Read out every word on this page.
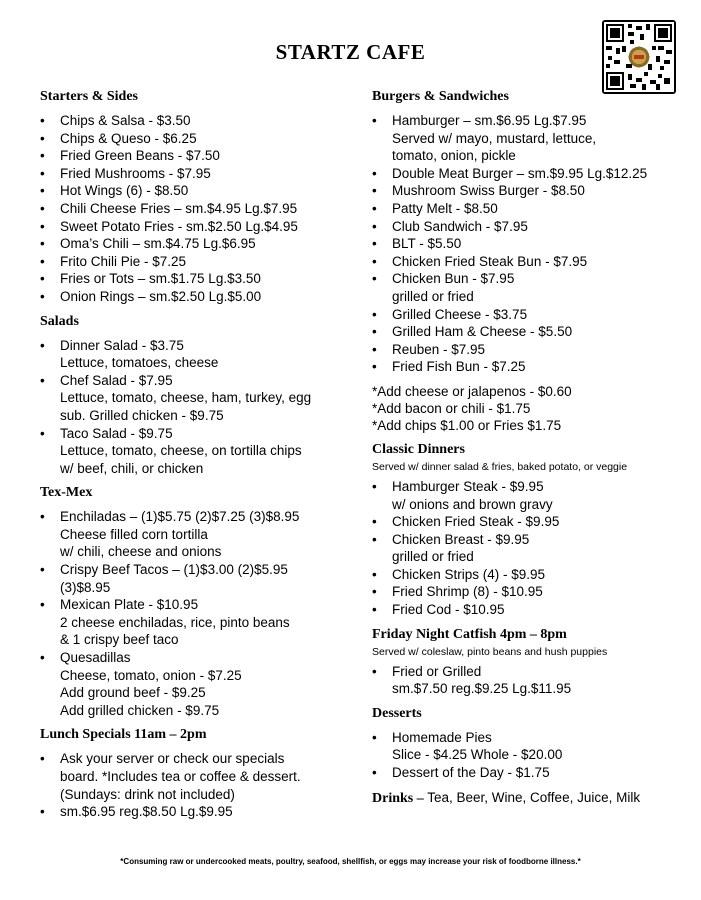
STARTZ CAFE
Starters & Sides
• Chips & Salsa - $3.50
• Chips & Queso - $6.25
• Fried Green Beans - $7.50
• Fried Mushrooms - $7.95
• Hot Wings (6) - $8.50
• Chili Cheese Fries – sm.$4.95 Lg.$7.95
• Sweet Potato Fries - sm.$2.50 Lg.$4.95
• Oma’s Chili – sm.$4.75 Lg.$6.95
• Frito Chili Pie - $7.25
• Fries or Tots – sm.$1.75 Lg.$3.50
• Onion Rings – sm.$2.50 Lg.$5.00
Salads
• Dinner Salad - $3.75
Lettuce, tomatoes, cheese
• Chef Salad - $7.95
Lettuce, tomato, cheese, ham, turkey, egg
sub. Grilled chicken - $9.75
• Taco Salad - $9.75
Lettuce, tomato, cheese, on tortilla chips
w/ beef, chili, or chicken
Tex-Mex
• Enchiladas – (1)$5.75 (2)$7.25 (3)$8.95
Cheese filled corn tortilla
w/ chili, cheese and onions
• Crispy Beef Tacos – (1)$3.00 (2)$5.95
(3)$8.95
• Mexican Plate - $10.95
2 cheese enchiladas, rice, pinto beans
& 1 crispy beef taco
• Quesadillas
Cheese, tomato, onion - $7.25
Add ground beef - $9.25
Add grilled chicken - $9.75
Lunch Specials 11am – 2pm
• Ask your server or check our specials
board. *Includes tea or coffee & dessert.
(Sundays: drink not included)
• sm.$6.95 reg.$8.50 Lg.$9.95
Burgers & Sandwiches
• Hamburger – sm.$6.95 Lg.$7.95
Served w/ mayo, mustard, lettuce,
tomato, onion, pickle
• Double Meat Burger – sm.$9.95 Lg.$12.25
• Mushroom Swiss Burger - $8.50
• Patty Melt - $8.50
• Club Sandwich - $7.95
• BLT - $5.50
• Chicken Fried Steak Bun - $7.95
• Chicken Bun - $7.95
grilled or fried
• Grilled Cheese - $3.75
• Grilled Ham & Cheese - $5.50
• Reuben - $7.95
• Fried Fish Bun - $7.25
*Add cheese or jalapenos - $0.60
*Add bacon or chili - $1.75
*Add chips $1.00 or Fries $1.75
Classic Dinners
Served w/ dinner salad & fries, baked potato, or veggie
• Hamburger Steak - $9.95
w/ onions and brown gravy
• Chicken Fried Steak - $9.95
• Chicken Breast - $9.95
grilled or fried
• Chicken Strips (4) - $9.95
• Fried Shrimp (8) - $10.95
• Fried Cod - $10.95
Friday Night Catfish 4pm – 8pm
Served w/ coleslaw, pinto beans and hush puppies
• Fried or Grilled
sm.$7.50 reg.$9.25 Lg.$11.95
Desserts
• Homemade Pies
Slice - $4.25 Whole - $20.00
• Dessert of the Day - $1.75
Drinks – Tea, Beer, Wine, Coffee, Juice, Milk
*Consuming raw or undercooked meats, poultry, seafood, shellfish, or eggs may increase your risk of foodborne illness.*
